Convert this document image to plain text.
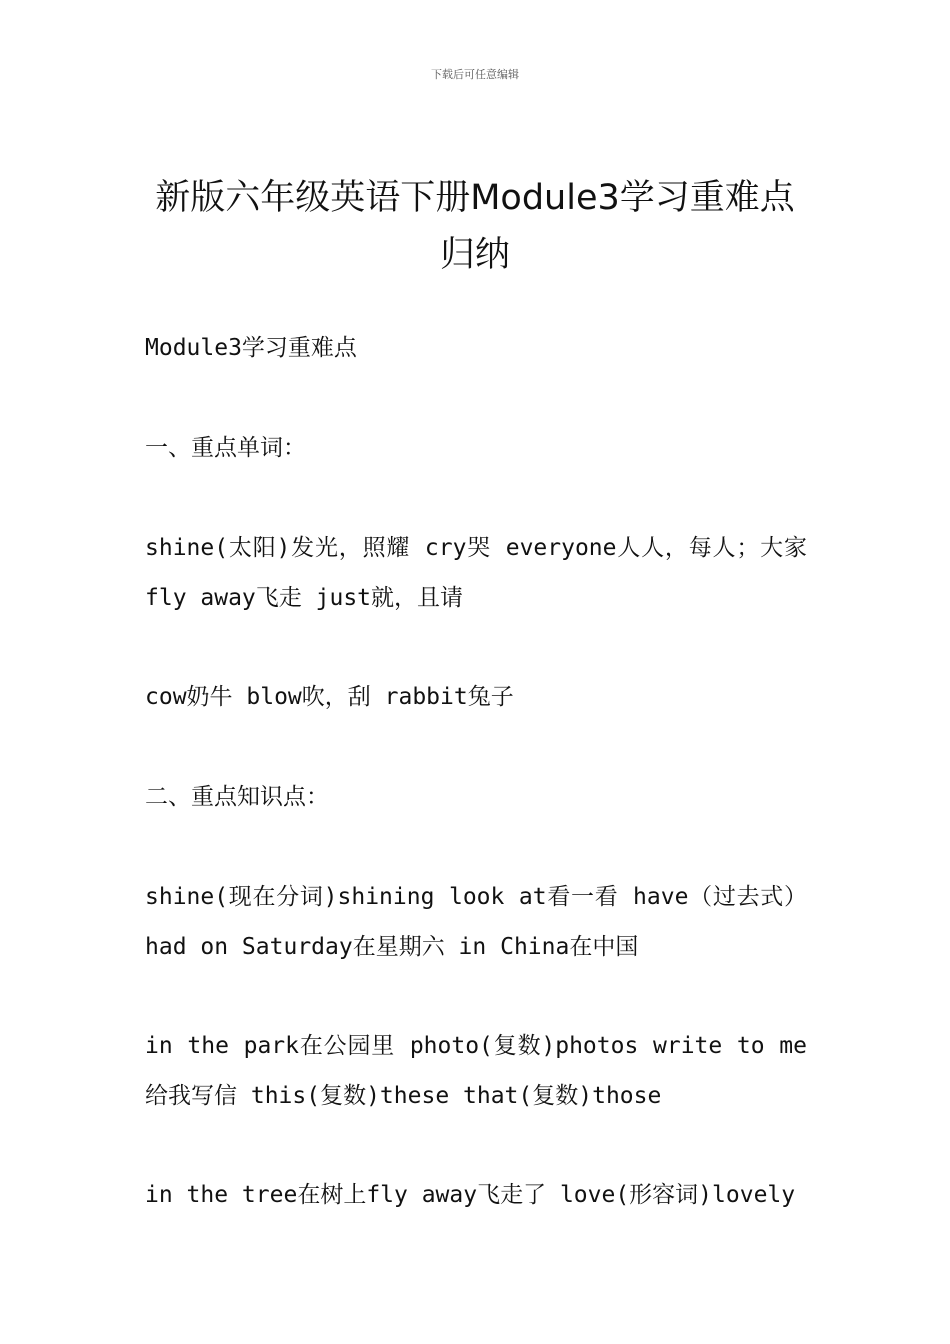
下载后可任意编辑
新版六年级英语下册Module3学习重难点归纳

Module3学习重难点

一、重点单词：

shine(太阳)发光，照耀 cry哭 everyone人人，每人；大家 fly away飞走 just就，且请

cow奶牛 blow吹，刮 rabbit兔子

二、重点知识点：

shine(现在分词)shining look at看一看 have（过去式）had on Saturday在星期六 in China在中国

in the park在公园里 photo(复数)photos write to me给我写信 this(复数)these that(复数)those

in the tree在树上fly away飞走了 love(形容词)lovely
